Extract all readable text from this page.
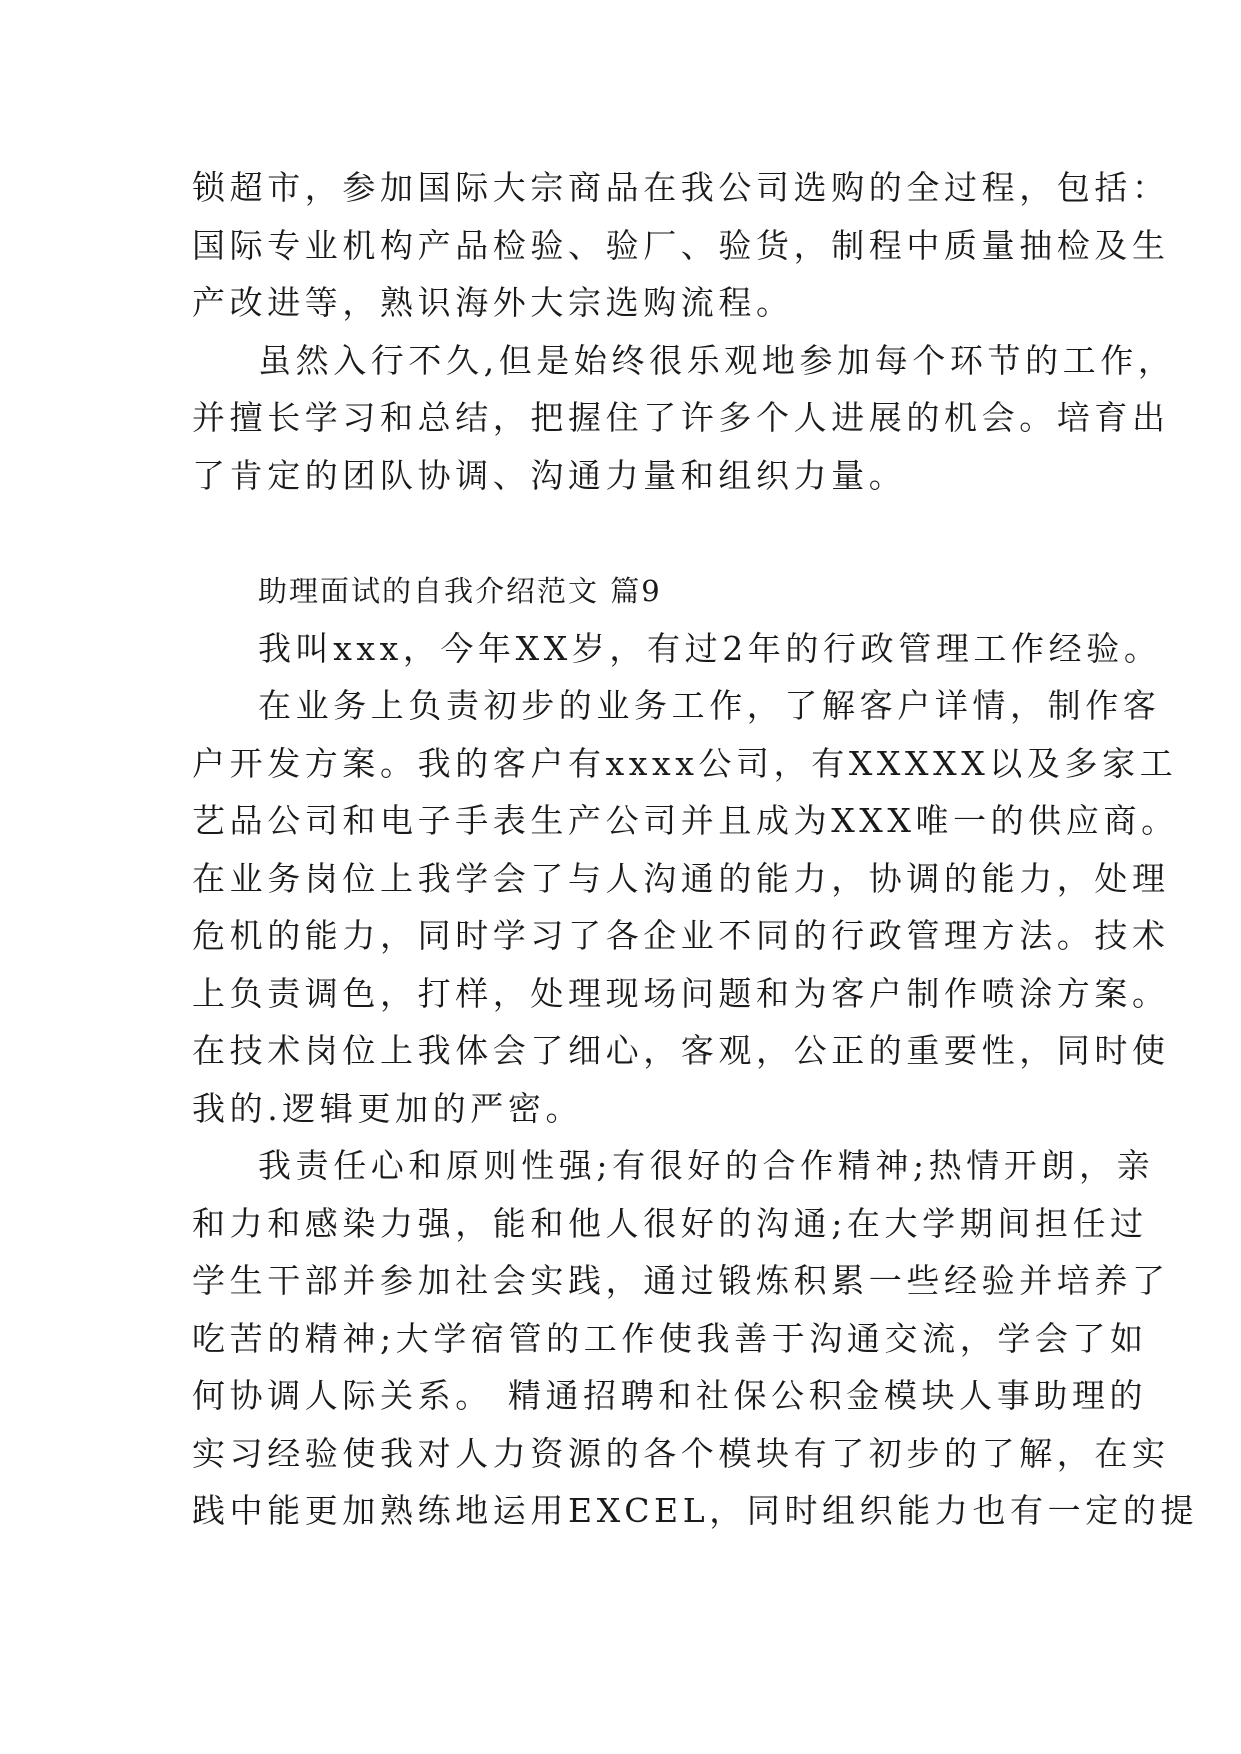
锁超市，参加国际大宗商品在我公司选购的全过程，包括：
国际专业机构产品检验、验厂、验货，制程中质量抽检及生
产改进等，熟识海外大宗选购流程。
虽然入行不久,但是始终很乐观地参加每个环节的工作，
并擅长学习和总结，把握住了许多个人进展的机会。培育出
了肯定的团队协调、沟通力量和组织力量。
助理面试的自我介绍范文 篇9
我叫xxx，今年XX岁，有过2年的行政管理工作经验。
在业务上负责初步的业务工作，了解客户详情，制作客
户开发方案。我的客户有xxxx公司，有XXXXX以及多家工
艺品公司和电子手表生产公司并且成为XXX唯一的供应商。
在业务岗位上我学会了与人沟通的能力，协调的能力，处理
危机的能力，同时学习了各企业不同的行政管理方法。技术
上负责调色，打样，处理现场问题和为客户制作喷涂方案。
在技术岗位上我体会了细心，客观，公正的重要性，同时使
我的.逻辑更加的严密。
我责任心和原则性强;有很好的合作精神;热情开朗，亲
和力和感染力强，能和他人很好的沟通;在大学期间担任过
学生干部并参加社会实践，通过锻炼积累一些经验并培养了
吃苦的精神;大学宿管的工作使我善于沟通交流，学会了如
何协调人际关系。 精通招聘和社保公积金模块人事助理的
实习经验使我对人力资源的各个模块有了初步的了解，在实
践中能更加熟练地运用EXCEL，同时组织能力也有一定的提
